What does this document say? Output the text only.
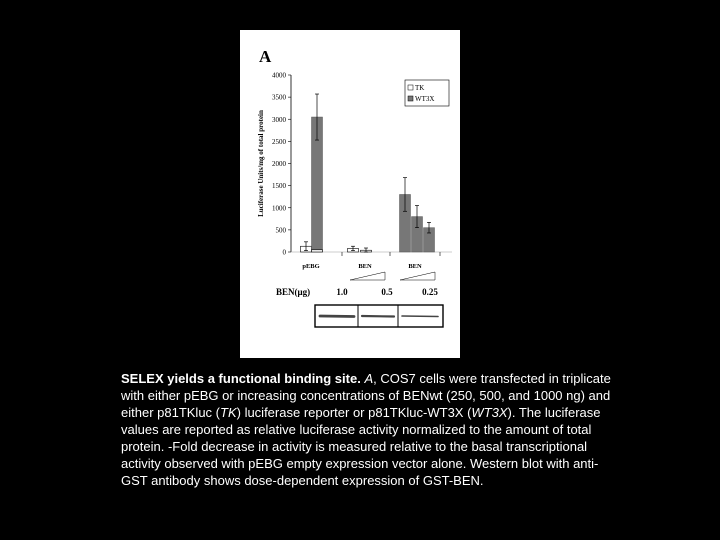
A
0
500
1000
1500
2000
2500
3000
3500
4000
Luciferase Units/mg of total protein
pEBG	BEN	BEN
BEN(μg)	1.0	0.5	0.25
TK
WT3X
SELEX yields a functional binding site. A, COS7 cells were transfected in triplicate with either pEBG or increasing concentrations of BENwt (250, 500, and 1000 ng) and either p81TKluc (TK) luciferase reporter or p81TKluc-WT3X (WT3X). The luciferase values are reported as relative luciferase activity normalized to the amount of total protein. -Fold decrease in activity is measured relative to the basal transcriptional activity observed with pEBG empty expression vector alone. Western blot with anti-GST antibody shows dose-dependent expression of GST-BEN.
